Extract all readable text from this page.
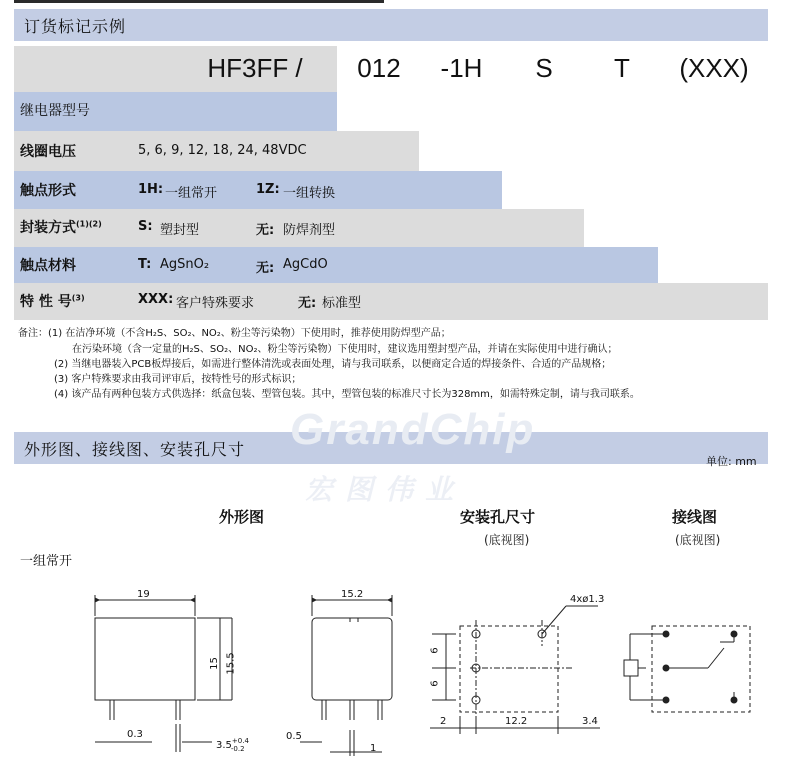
订货标记示例
HF3FF /	012	-1H	S	T	(XXX)
继电器型号
线圈电压	5, 6, 9, 12, 18, 24, 48VDC
触点形式	1H: 一组常开	1Z: 一组转换
封装方式$^{(1)(2)}$	S: 塑封型	无: 防焊剂型
触点材料	T: AgSnO₂	无: AgCdO
特 性 号$^{(3)}$	XXX: 客户特殊要求	无: 标准型
备注：(1) 在洁净环境（不含H₂S、SO₂、NO₂、粉尘等污染物）下使用时，推荐使用防焊型产品；
在污染环境（含一定量的H₂S、SO₂、NO₂、粉尘等污染物）下使用时，建议选用塑封型产品，并请在实际使用中进行确认；
(2) 当继电器装入PCB板焊接后，如需进行整体清洗或表面处理，请与我司联系，以便商定合适的焊接条件、合适的产品规格；
(3) 客户特殊要求由我司评审后，按特性号的形式标识；
(4) 该产品有两种包装方式供选择：纸盒包装、型管包装。其中，型管包装的标准尺寸长为328mm，如需特殊定制，请与我司联系。
外形图、接线图、安装孔尺寸
单位: mm
GrandChip
宏图伟业
外形图	安装孔尺寸
(底视图)
接线图
(底视图)
一组常开
19
15 15.5
0.3
$3.5^{+0.4}_{-0.2}$
15.2
0.5
1
4xø1.3
6
6
2	12.2	3.4
